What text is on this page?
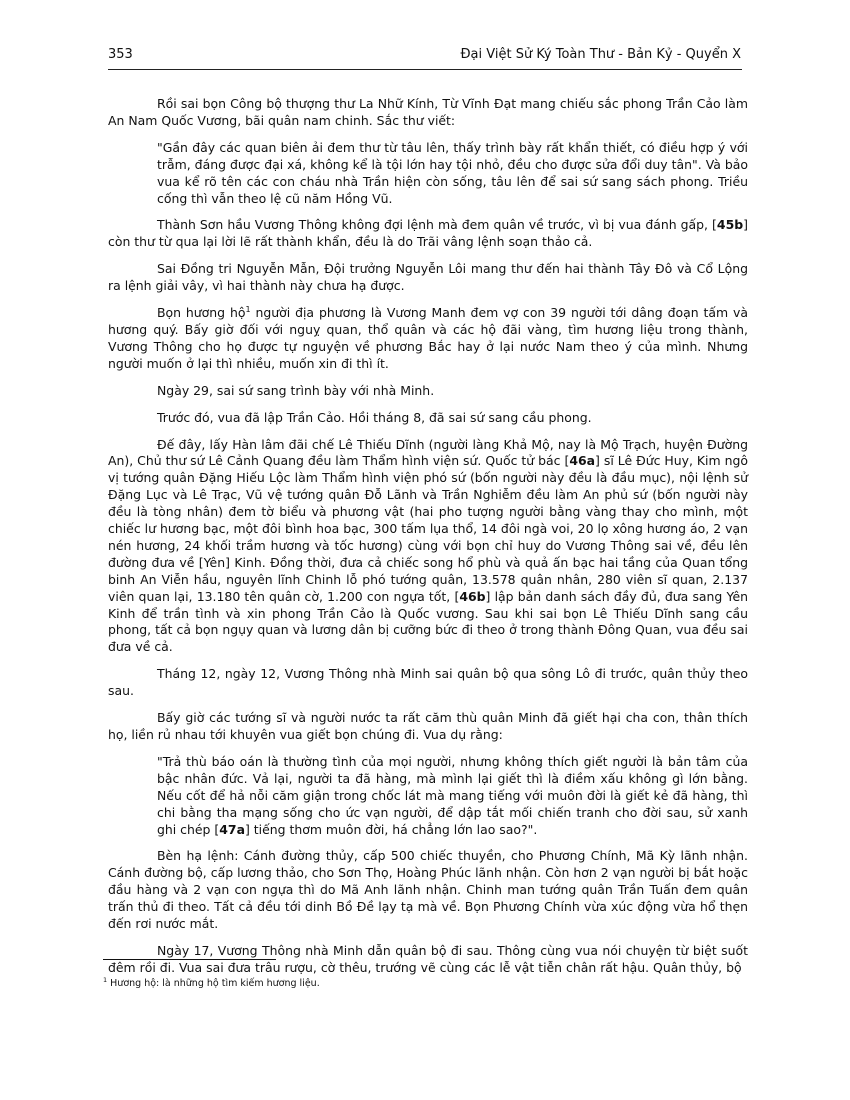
353	Đại Việt Sử Ký Toàn Thư - Bản Kỷ - Quyển X

Rồi sai bọn Công bộ thượng thư La Nhữ Kính, Từ Vĩnh Đạt mang chiếu sắc phong Trần Cảo làm An Nam Quốc Vương, bãi quân nam chinh. Sắc thư viết:

"Gần đây các quan biên ải đem thư từ tâu lên, thấy trình bày rất khẩn thiết, có điều hợp ý với trẫm, đáng được đại xá, không kể là tội lớn hay tội nhỏ, đều cho được sửa đổi duy tân". Và bảo vua kể rõ tên các con cháu nhà Trần hiện còn sống, tâu lên để sai sứ sang sách phong. Triều cống thì vẫn theo lệ cũ năm Hồng Vũ.

Thành Sơn hầu Vương Thông không đợi lệnh mà đem quân về trước, vì bị vua đánh gấp, [45b] còn thư từ qua lại lời lẽ rất thành khẩn, đều là do Trãi vâng lệnh soạn thảo cả.

Sai Đồng tri Nguyễn Mẫn, Đội trưởng Nguyễn Lôi mang thư đến hai thành Tây Đô và Cổ Lộng ra lệnh giải vây, vì hai thành này chưa hạ được.

Bọn hương hộ$^1$ người địa phương là Vương Manh đem vợ con 39 người tới dâng đoạn tấm và hương quý. Bấy giờ đối với nguỵ quan, thổ quân và các hộ đãi vàng, tìm hương liệu trong thành, Vương Thông cho họ được tự nguyện về phương Bắc hay ở lại nước Nam theo ý của mình. Nhưng người muốn ở lại thì nhiều, muốn xin đi thì ít.

Ngày 29, sai sứ sang trình bày với nhà Minh.

Trước đó, vua đã lập Trần Cảo. Hồi tháng 8, đã sai sứ sang cầu phong.

Đế đây, lấy Hàn lâm đãi chế Lê Thiếu Dĩnh (người làng Khả Mộ, nay là Mộ Trạch, huyện Đường An), Chủ thư sứ Lê Cảnh Quang đều làm Thẩm hình viện sứ. Quốc tử bác [46a] sĩ Lê Đức Huy, Kim ngô vị tướng quân Đặng Hiếu Lộc làm Thẩm hình viện phó sứ (bốn người này đều là đầu mục), nội lệnh sử Đặng Lục và Lê Trạc, Vũ vệ tướng quân Đỗ Lãnh và Trần Nghiễm đều làm An phủ sứ (bốn người này đều là tòng nhân) đem tờ biểu và phương vật (hai pho tượng người bằng vàng thay cho mình, một chiếc lư hương bạc, một đôi bình hoa bạc, 300 tấm lụa thổ, 14 đôi ngà voi, 20 lọ xông hương áo, 2 vạn nén hương, 24 khối trầm hương và tốc hương) cùng với bọn chỉ huy do Vương Thông sai về, đều lên đường đưa về [Yên] Kinh. Đồng thời, đưa cả chiếc song hổ phù và quả ấn bạc hai tầng của Quan tổng binh An Viễn hầu, nguyên lĩnh Chinh lỗ phó tướng quân, 13.578 quân nhân, 280 viên sĩ quan, 2.137 viên quan lại, 13.180 tên quân cờ, 1.200 con ngựa tốt, [46b] lập bản danh sách đầy đủ, đưa sang Yên Kinh để trần tình và xin phong Trần Cảo là Quốc vương. Sau khi sai bọn Lê Thiếu Dĩnh sang cầu phong, tất cả bọn ngụy quan và lương dân bị cưỡng bức đi theo ở trong thành Đông Quan, vua đều sai đưa về cả.

Tháng 12, ngày 12, Vương Thông nhà Minh sai quân bộ qua sông Lô đi trước, quân thủy theo sau.

Bấy giờ các tướng sĩ và người nước ta rất căm thù quân Minh đã giết hại cha con, thân thích họ, liền rủ nhau tới khuyên vua giết bọn chúng đi. Vua dụ rằng:

"Trả thù báo oán là thường tình của mọi người, nhưng không thích giết người là bản tâm của bậc nhân đức. Vả lại, người ta đã hàng, mà mình lại giết thì là điềm xấu không gì lớn bằng. Nếu cốt để hả nỗi căm giận trong chốc lát mà mang tiếng với muôn đời là giết kẻ đã hàng, thì chi bằng tha mạng sống cho ức vạn người, để dập tắt mối chiến tranh cho đời sau, sử xanh ghi chép [47a] tiếng thơm muôn đời, há chẳng lớn lao sao?".

Bèn hạ lệnh: Cánh đường thủy, cấp 500 chiếc thuyền, cho Phương Chính, Mã Kỳ lãnh nhận. Cánh đường bộ, cấp lương thảo, cho Sơn Thọ, Hoàng Phúc lãnh nhận. Còn hơn 2 vạn người bị bắt hoặc đầu hàng và 2 vạn con ngựa thì do Mã Anh lãnh nhận. Chinh man tướng quân Trần Tuấn đem quân trấn thủ đi theo. Tất cả đều tới dinh Bồ Đề lạy tạ mà về. Bọn Phương Chính vừa xúc động vừa hổ thẹn đến rơi nước mắt.

Ngày 17, Vương Thông nhà Minh dẫn quân bộ đi sau. Thông cùng vua nói chuyện từ biệt suốt đêm rồi đi. Vua sai đưa trâu rượu, cờ thêu, trướng vẽ cùng các lễ vật tiễn chân rất hậu. Quân thủy, bộ

$^1$ Hương hộ: là những hộ tìm kiếm hương liệu.
